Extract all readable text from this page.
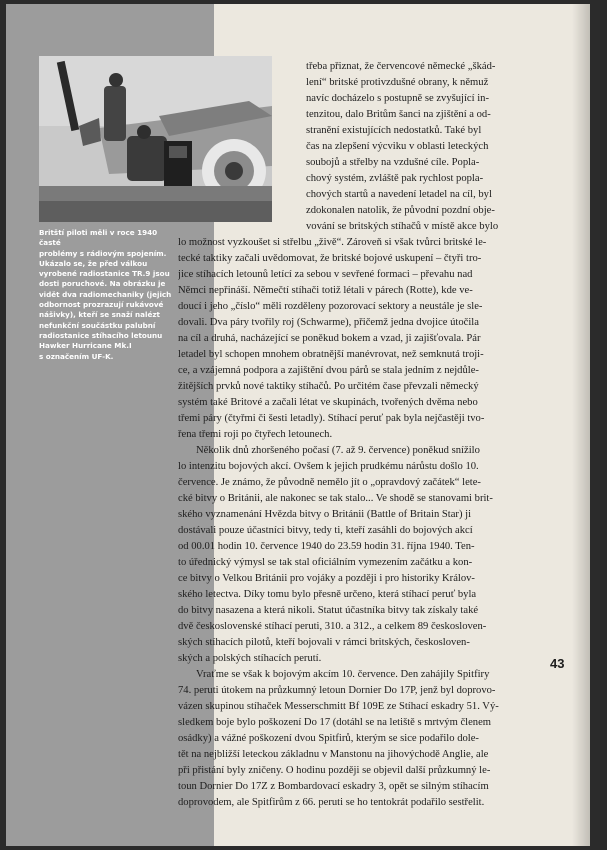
Britští piloti měli v roce 1940 časté
problémy s rádiovým spojením.
Ukázalo se, že před válkou
vyrobené radiostanice TR.9 jsou
dosti poruchové. Na obrázku je
vidět dva radiomechaniky (jejich
odbornost prozrazují rukávové
nášivky), kteří se snaží nalézt
nefunkční součástku palubní
radiostanice stíhacího letounu
Hawker Hurricane Mk.I
s označením UF-K.
třeba přiznat, že červencové německé „škád-
lení“ britské protivzdušné obrany, k němuž
navíc docházelo s postupně se zvyšující in-
tenzitou, dalo Britům šanci na zjištění a od-
stranění existujících nedostatků. Také byl
čas na zlepšení výcviku v oblasti leteckých
soubojů a střelby na vzdušné cíle. Popla-
chový systém, zvláště pak rychlost popla-
chových startů a navedení letadel na cíl, byl
zdokonalen natolik, že původní pozdní obje-
vování se britských stíhačů v místě akce bylo
lo možnost vyzkoušet si střelbu „živě“. Zároveň si však tvůrci britské le-
tecké taktiky začali uvědomovat, že britské bojové uskupení – čtyři tro-
jice stíhacích letounů letící za sebou v sevřené formaci – převahu nad
Němci nepřináší. Němečtí stíhači totiž létali v párech (Rotte), kde ve-
doucí i jeho „číslo“ měli rozděleny pozorovací sektory a neustále je sle-
dovali. Dva páry tvořily roj (Schwarme), přičemž jedna dvojice útočila
na cíl a druhá, nacházející se poněkud bokem a vzad, ji zajišťovala. Pár
letadel byl schopen mnohem obratnější manévrovat, než semknutá troji-
ce, a vzájemná podpora a zajištění dvou párů se stala jedním z nejdůle-
žitějších prvků nové taktiky stíhačů. Po určitém čase převzali německý
systém také Britové a začali létat ve skupinách, tvořených dvěma nebo
třemi páry (čtyřmi či šesti letadly). Stíhací peruť pak byla nejčastěji tvo-
řena třemi roji po čtyřech letounech.
Několik dnů zhoršeného počasí (7. až 9. července) poněkud snížilo
lo intenzitu bojových akcí. Ovšem k jejich prudkému nárůstu došlo 10.
července. Je známo, že původně nemělo jít o „opravdový začátek“ lete-
cké bitvy o Británii, ale nakonec se tak stalo... Ve shodě se stanovami brit-
ského vyznamenání Hvězda bitvy o Británii (Battle of Britain Star) ji
dostávali pouze účastníci bitvy, tedy ti, kteří zasáhli do bojových akcí
od 00.01 hodin 10. července 1940 do 23.59 hodin 31. října 1940. Ten-
to úřednický výmysl se tak stal oficiálním vymezením začátku a kon-
ce bitvy o Velkou Británii pro vojáky a později i pro historiky Králov-
ského letectva. Díky tomu bylo přesně určeno, která stíhací peruť byla
do bitvy nasazena a která nikoli. Statut účastníka bitvy tak získaly také
dvě československé stíhací peruti, 310. a 312., a celkem 89 českosloven-
ských stíhacích pilotů, kteří bojovali v rámci britských, českosloven-
ských a polských stíhacích perutí.
Vraťme se však k bojovým akcím 10. července. Den zahájily Spitfiry
74. peruti útokem na průzkumný letoun Dornier Do 17P, jenž byl doprovo-
vázen skupinou stíhaček Messerschmitt Bf 109E ze Stíhací eskadry 51. Vý-
sledkem boje bylo poškození Do 17 (dotáhl se na letiště s mrtvým členem
osádky) a vážné poškození dvou Spitfirů, kterým se sice podařilo dole-
tět na nejbližší leteckou základnu v Manstonu na jihovýchodě Anglie, ale
při přistání byly zničeny. O hodinu později se objevil další průzkumný le-
toun Dornier Do 17Z z Bombardovací eskadry 3, opět se silným stíhacím
doprovodem, ale Spitfirům z 66. peruti se ho tentokrát podařilo sestřelit.
43
